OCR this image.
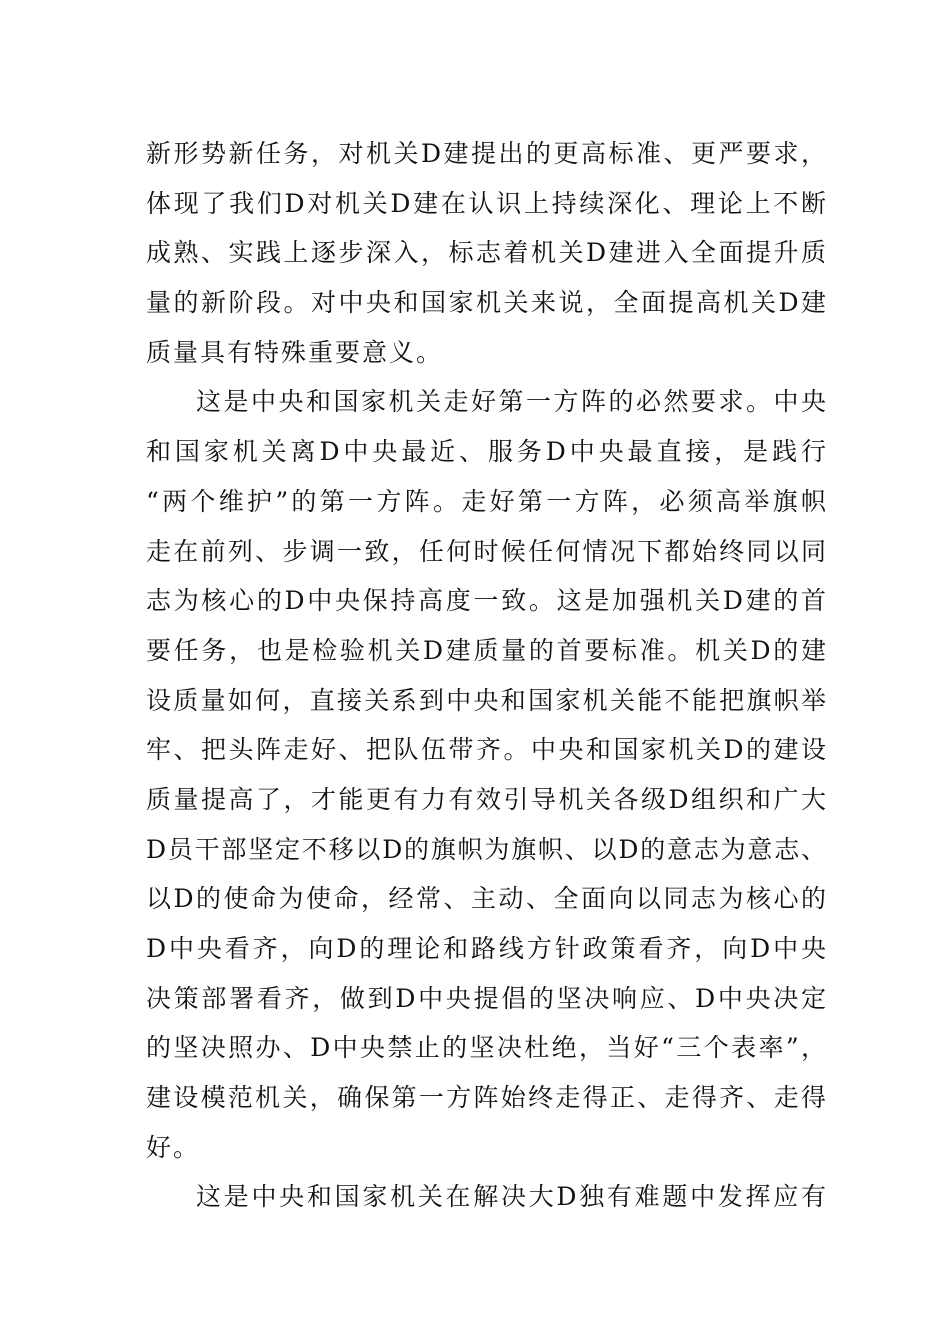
新形势新任务，对机关D建提出的更高标准、更严要求，
体现了我们D对机关D建在认识上持续深化、理论上不断
成熟、实践上逐步深入，标志着机关D建进入全面提升质
量的新阶段。对中央和国家机关来说，全面提高机关D建
质量具有特殊重要意义。
这是中央和国家机关走好第一方阵的必然要求。中央
和国家机关离D中央最近、服务D中央最直接，是践行
“两个维护”的第一方阵。走好第一方阵，必须高举旗帜
走在前列、步调一致，任何时候任何情况下都始终同以同
志为核心的D中央保持高度一致。这是加强机关D建的首
要任务，也是检验机关D建质量的首要标准。机关D的建
设质量如何，直接关系到中央和国家机关能不能把旗帜举
牢、把头阵走好、把队伍带齐。中央和国家机关D的建设
质量提高了，才能更有力有效引导机关各级D组织和广大
D员干部坚定不移以D的旗帜为旗帜、以D的意志为意志、
以D的使命为使命，经常、主动、全面向以同志为核心的
D中央看齐，向D的理论和路线方针政策看齐，向D中央
决策部署看齐，做到D中央提倡的坚决响应、D中央决定
的坚决照办、D中央禁止的坚决杜绝，当好“三个表率”，
建设模范机关，确保第一方阵始终走得正、走得齐、走得
好。
这是中央和国家机关在解决大D独有难题中发挥应有
